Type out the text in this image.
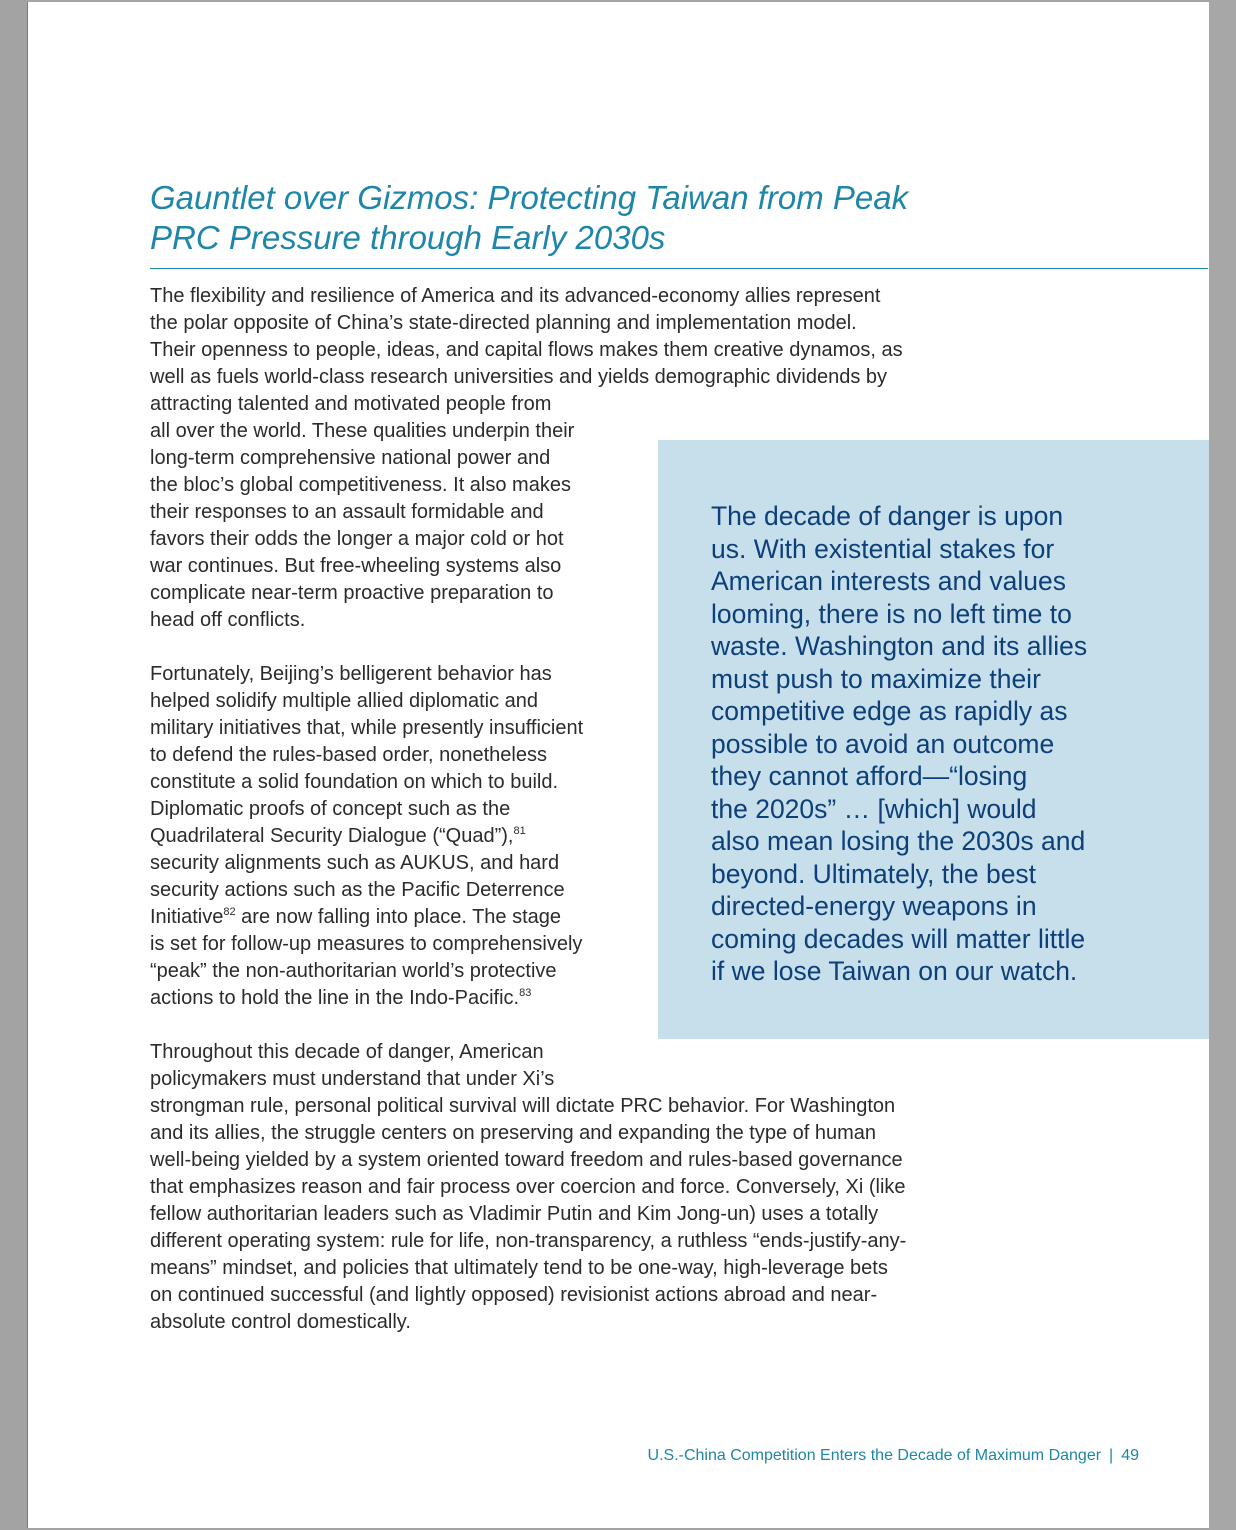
Gauntlet over Gizmos: Protecting Taiwan from Peak
PRC Pressure through Early 2030s
The flexibility and resilience of America and its advanced-economy allies represent
the polar opposite of China’s state-directed planning and implementation model.
Their openness to people, ideas, and capital flows makes them creative dynamos, as
well as fuels world-class research universities and yields demographic dividends by
attracting talented and motivated people from
all over the world. These qualities underpin their
long-term comprehensive national power and
the bloc’s global competitiveness. It also makes
their responses to an assault formidable and
favors their odds the longer a major cold or hot
war continues. But free-wheeling systems also
complicate near-term proactive preparation to
head off conflicts.
Fortunately, Beijing’s belligerent behavior has
helped solidify multiple allied diplomatic and
military initiatives that, while presently insufficient
to defend the rules-based order, nonetheless
constitute a solid foundation on which to build.
Diplomatic proofs of concept such as the
Quadrilateral Security Dialogue (“Quad”),$^{81}$
security alignments such as AUKUS, and hard
security actions such as the Pacific Deterrence
Initiative$^{82}$ are now falling into place. The stage
is set for follow-up measures to comprehensively
“peak” the non-authoritarian world’s protective
actions to hold the line in the Indo-Pacific.$^{83}$
Throughout this decade of danger, American
policymakers must understand that under Xi’s
strongman rule, personal political survival will dictate PRC behavior. For Washington
and its allies, the struggle centers on preserving and expanding the type of human
well-being yielded by a system oriented toward freedom and rules-based governance
that emphasizes reason and fair process over coercion and force. Conversely, Xi (like
fellow authoritarian leaders such as Vladimir Putin and Kim Jong-un) uses a totally
different operating system: rule for life, non-transparency, a ruthless “ends-justify-any-
means” mindset, and policies that ultimately tend to be one-way, high-leverage bets
on continued successful (and lightly opposed) revisionist actions abroad and near-
absolute control domestically.
The decade of danger is upon
us. With existential stakes for
American interests and values
looming, there is no left time to
waste. Washington and its allies
must push to maximize their
competitive edge as rapidly as
possible to avoid an outcome
they cannot afford—“losing
the 2020s” … [which] would
also mean losing the 2030s and
beyond. Ultimately, the best
directed-energy weapons in
coming decades will matter little
if we lose Taiwan on our watch.
U.S.-China Competition Enters the Decade of Maximum Danger | 49
